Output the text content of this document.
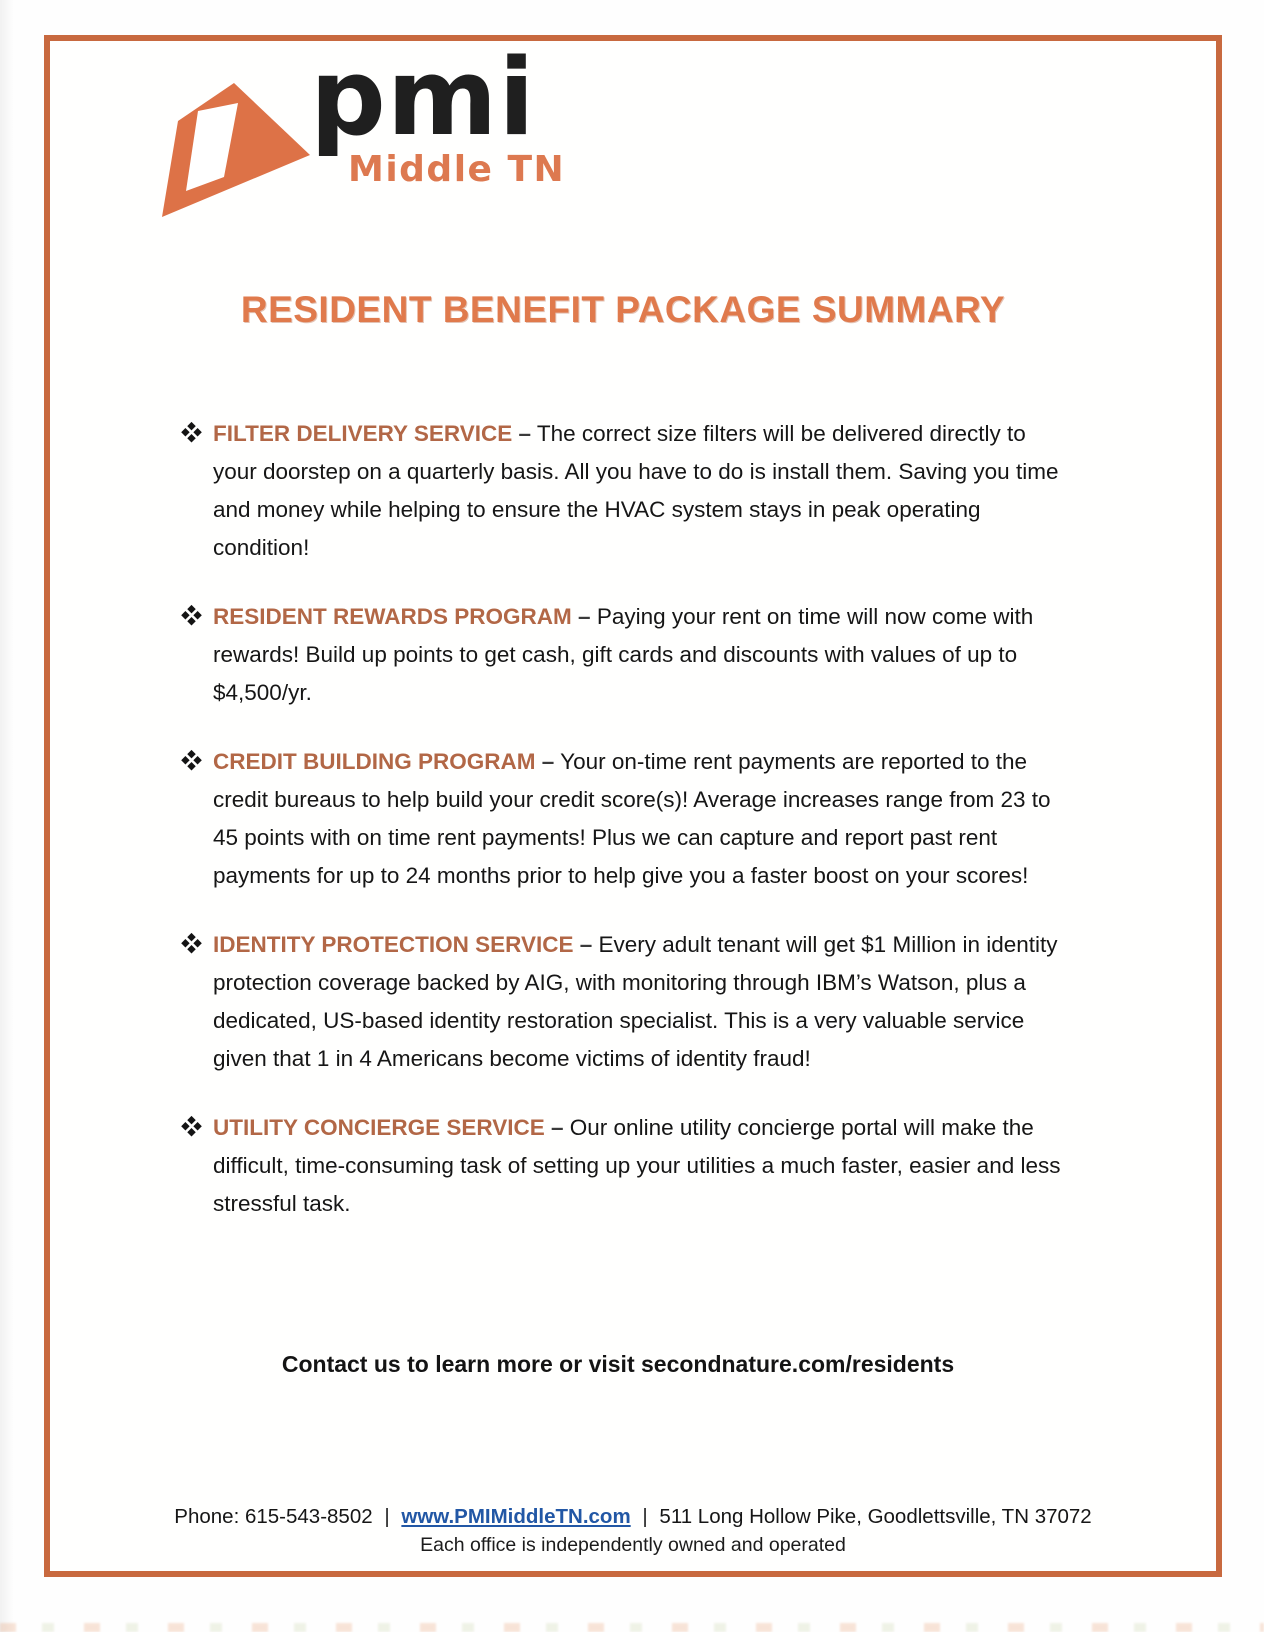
pmi
Middle TN
RESIDENT BENEFIT PACKAGE SUMMARY
FILTER DELIVERY SERVICE – The correct size filters will be delivered directly to your doorstep on a quarterly basis. All you have to do is install them. Saving you time and money while helping to ensure the HVAC system stays in peak operating condition!
RESIDENT REWARDS PROGRAM – Paying your rent on time will now come with rewards! Build up points to get cash, gift cards and discounts with values of up to $4,500/yr.
CREDIT BUILDING PROGRAM – Your on-time rent payments are reported to the credit bureaus to help build your credit score(s)! Average increases range from 23 to 45 points with on time rent payments! Plus we can capture and report past rent payments for up to 24 months prior to help give you a faster boost on your scores!
IDENTITY PROTECTION SERVICE – Every adult tenant will get $1 Million in identity protection coverage backed by AIG, with monitoring through IBM’s Watson, plus a dedicated, US-based identity restoration specialist. This is a very valuable service given that 1 in 4 Americans become victims of identity fraud!
UTILITY CONCIERGE SERVICE – Our online utility concierge portal will make the difficult, time-consuming task of setting up your utilities a much faster, easier and less stressful task.

Contact us to learn more or visit secondnature.com/residents

Phone: 615-543-8502 | www.PMIMiddleTN.com | 511 Long Hollow Pike, Goodlettsville, TN 37072
Each office is independently owned and operated
